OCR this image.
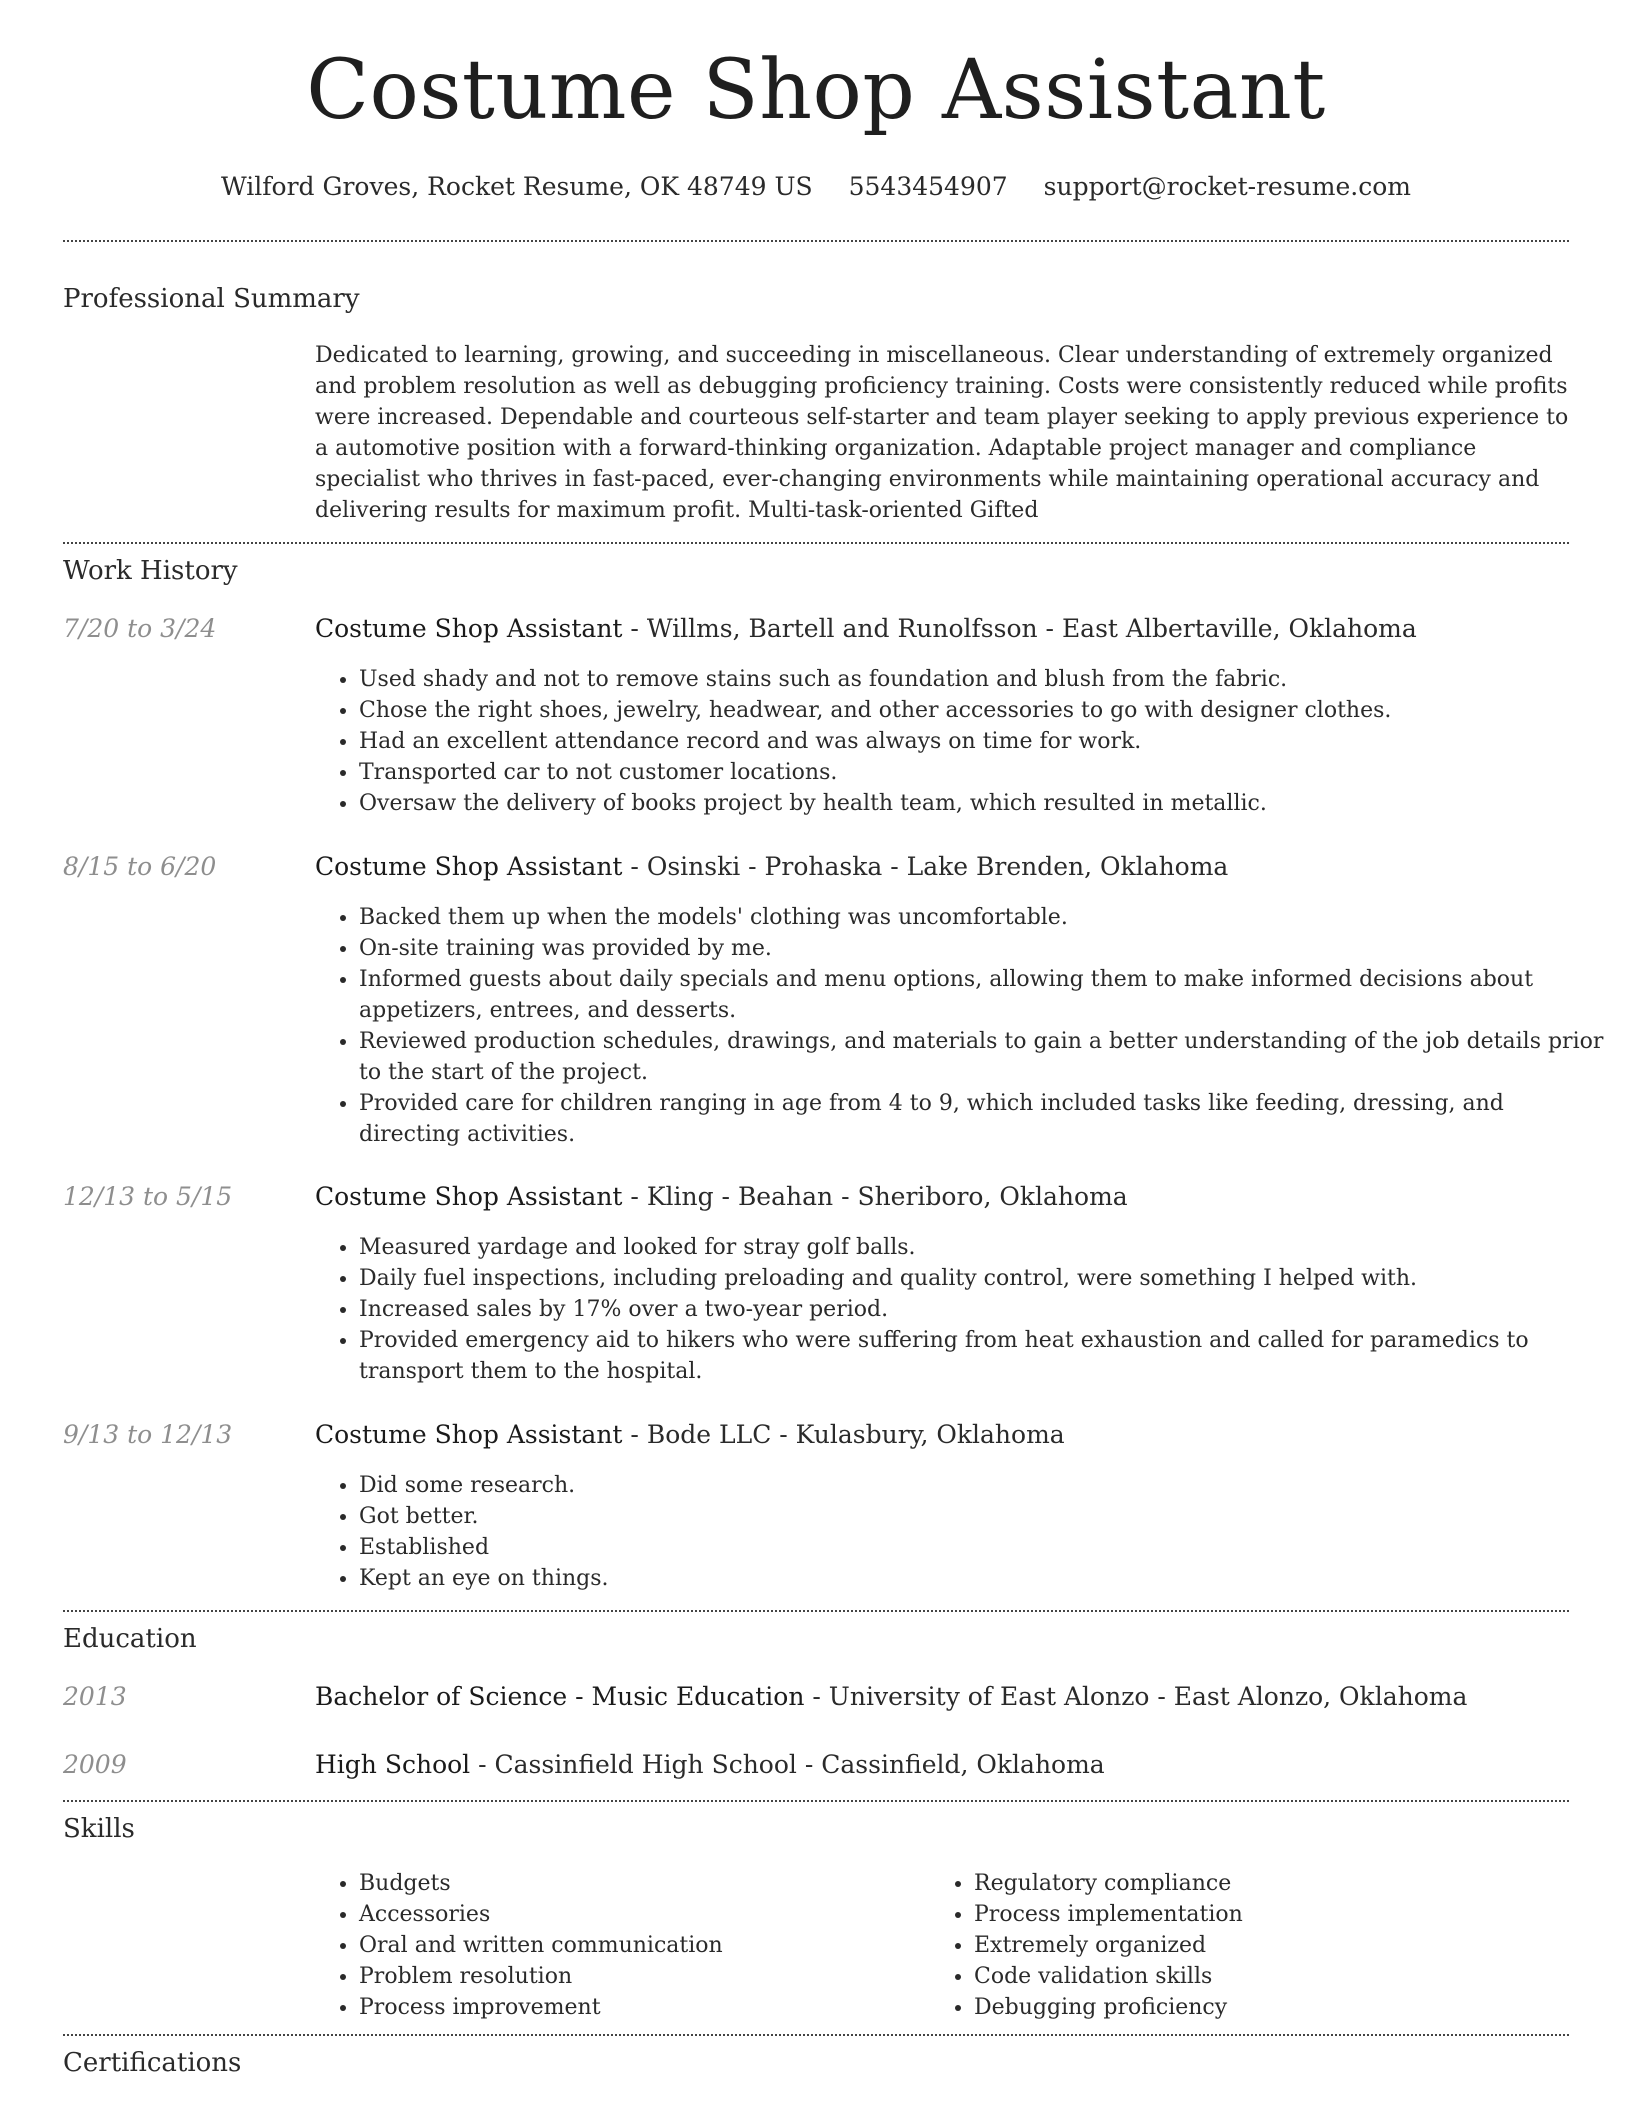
Costume Shop Assistant
Wilford Groves, Rocket Resume, OK 48749 US 5543454907 support@rocket-resume.com
Professional Summary

Dedicated to learning, growing, and succeeding in miscellaneous. Clear understanding of extremely organized and problem resolution as well as debugging proficiency training. Costs were consistently reduced while profits were increased. Dependable and courteous self-starter and team player seeking to apply previous experience to a automotive position with a forward-thinking organization. Adaptable project manager and compliance specialist who thrives in fast-paced, ever-changing environments while maintaining operational accuracy and delivering results for maximum profit. Multi-task-oriented Gifted

Work History
7/20 to 3/24	Costume Shop Assistant - Willms, Bartell and Runolfsson - East Albertaville, Oklahoma
• Used shady and not to remove stains such as foundation and blush from the fabric.
• Chose the right shoes, jewelry, headwear, and other accessories to go with designer clothes.
• Had an excellent attendance record and was always on time for work.
• Transported car to not customer locations.
• Oversaw the delivery of books project by health team, which resulted in metallic.
8/15 to 6/20	Costume Shop Assistant - Osinski - Prohaska - Lake Brenden, Oklahoma
• Backed them up when the models' clothing was uncomfortable.
• On-site training was provided by me.
• Informed guests about daily specials and menu options, allowing them to make informed decisions about appetizers, entrees, and desserts.
• Reviewed production schedules, drawings, and materials to gain a better understanding of the job details prior to the start of the project.
• Provided care for children ranging in age from 4 to 9, which included tasks like feeding, dressing, and directing activities.
12/13 to 5/15	Costume Shop Assistant - Kling - Beahan - Sheriboro, Oklahoma
• Measured yardage and looked for stray golf balls.
• Daily fuel inspections, including preloading and quality control, were something I helped with.
• Increased sales by 17% over a two-year period.
• Provided emergency aid to hikers who were suffering from heat exhaustion and called for paramedics to transport them to the hospital.
9/13 to 12/13	Costume Shop Assistant - Bode LLC - Kulasbury, Oklahoma
• Did some research.
• Got better.
• Established
• Kept an eye on things.
Education
2013	Bachelor of Science - Music Education - University of East Alonzo - East Alonzo, Oklahoma
2009	High School - Cassinfield High School - Cassinfield, Oklahoma
Skills
• Budgets
• Accessories
• Oral and written communication
• Problem resolution
• Process improvement
• Regulatory compliance
• Process implementation
• Extremely organized
• Code validation skills
• Debugging proficiency
Certifications
